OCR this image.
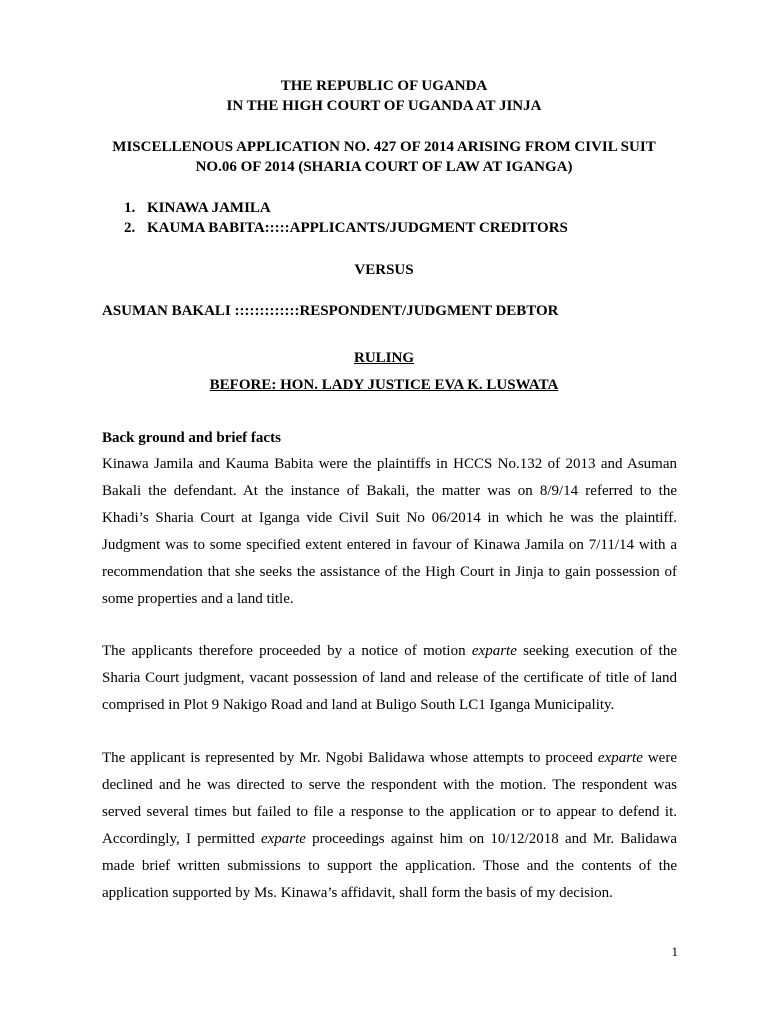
THE REPUBLIC OF UGANDA
IN THE HIGH COURT OF UGANDA AT JINJA
MISCELLENOUS APPLICATION NO. 427 OF 2014 ARISING FROM CIVIL SUIT
NO.06 OF 2014 (SHARIA COURT OF LAW AT IGANGA)
1. KINAWA JAMILA
2. KAUMA BABITA:::::APPLICANTS/JUDGMENT CREDITORS
VERSUS
ASUMAN BAKALI :::::::::::::RESPONDENT/JUDGMENT DEBTOR
RULING
BEFORE: HON. LADY JUSTICE EVA K. LUSWATA
Back ground and brief facts
Kinawa Jamila and Kauma Babita were the plaintiffs in HCCS No.132 of 2013 and Asuman
Bakali the defendant. At the instance of Bakali, the matter was on 8/9/14 referred to the
Khadi’s Sharia Court at Iganga vide Civil Suit No 06/2014 in which he was the plaintiff.
Judgment was to some specified extent entered in favour of Kinawa Jamila on 7/11/14 with a
recommendation that she seeks the assistance of the High Court in Jinja to gain possession of
some properties and a land title.
The applicants therefore proceeded by a notice of motion exparte seeking execution of the
Sharia Court judgment, vacant possession of land and release of the certificate of title of land
comprised in Plot 9 Nakigo Road and land at Buligo South LC1 Iganga Municipality.
The applicant is represented by Mr. Ngobi Balidawa whose attempts to proceed exparte were
declined and he was directed to serve the respondent with the motion. The respondent was
served several times but failed to file a response to the application or to appear to defend it.
Accordingly, I permitted exparte proceedings against him on 10/12/2018 and Mr. Balidawa
made brief written submissions to support the application. Those and the contents of the
application supported by Ms. Kinawa’s affidavit, shall form the basis of my decision.
1
